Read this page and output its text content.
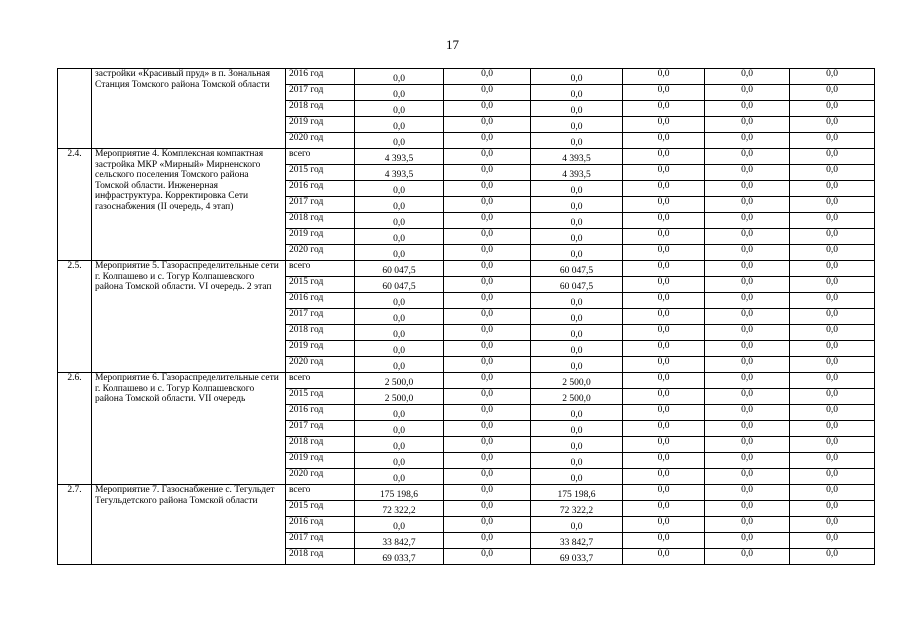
17
	застройки «Красивый пруд» в п. Зональная Станция Томского района Томской области	2016 год	0,0	0,0	0,0	0,0	0,0	0,0
		2017 год	0,0	0,0	0,0	0,0	0,0	0,0
		2018 год	0,0	0,0	0,0	0,0	0,0	0,0
		2019 год	0,0	0,0	0,0	0,0	0,0	0,0
		2020 год	0,0	0,0	0,0	0,0	0,0	0,0
2.4.	Мероприятие 4. Комплексная компактная застройка МКР «Мирный» Мирненского сельского поселения Томского района Томской области. Инженерная инфраструктура. Корректировка Сети газоснабжения (II очередь, 4 этап)	всего	4 393,5	0,0	4 393,5	0,0	0,0	0,0
		2015 год	4 393,5	0,0	4 393,5	0,0	0,0	0,0
		2016 год	0,0	0,0	0,0	0,0	0,0	0,0
		2017 год	0,0	0,0	0,0	0,0	0,0	0,0
		2018 год	0,0	0,0	0,0	0,0	0,0	0,0
		2019 год	0,0	0,0	0,0	0,0	0,0	0,0
		2020 год	0,0	0,0	0,0	0,0	0,0	0,0
2.5.	Мероприятие 5. Газораспределительные сети г. Колпашево и с. Тогур Колпашевского района Томской области. VI очередь. 2 этап	всего	60 047,5	0,0	60 047,5	0,0	0,0	0,0
		2015 год	60 047,5	0,0	60 047,5	0,0	0,0	0,0
		2016 год	0,0	0,0	0,0	0,0	0,0	0,0
		2017 год	0,0	0,0	0,0	0,0	0,0	0,0
		2018 год	0,0	0,0	0,0	0,0	0,0	0,0
		2019 год	0,0	0,0	0,0	0,0	0,0	0,0
		2020 год	0,0	0,0	0,0	0,0	0,0	0,0
2.6.	Мероприятие 6. Газораспределительные сети г. Колпашево и с. Тогур Колпашевского района Томской области. VII очередь	всего	2 500,0	0,0	2 500,0	0,0	0,0	0,0
		2015 год	2 500,0	0,0	2 500,0	0,0	0,0	0,0
		2016 год	0,0	0,0	0,0	0,0	0,0	0,0
		2017 год	0,0	0,0	0,0	0,0	0,0	0,0
		2018 год	0,0	0,0	0,0	0,0	0,0	0,0
		2019 год	0,0	0,0	0,0	0,0	0,0	0,0
		2020 год	0,0	0,0	0,0	0,0	0,0	0,0
2.7.	Мероприятие 7. Газоснабжение с. Тегульдет Тегульдетского района Томской области	всего	175 198,6	0,0	175 198,6	0,0	0,0	0,0
		2015 год	72 322,2	0,0	72 322,2	0,0	0,0	0,0
		2016 год	0,0	0,0	0,0	0,0	0,0	0,0
		2017 год	33 842,7	0,0	33 842,7	0,0	0,0	0,0
		2018 год	69 033,7	0,0	69 033,7	0,0	0,0	0,0
